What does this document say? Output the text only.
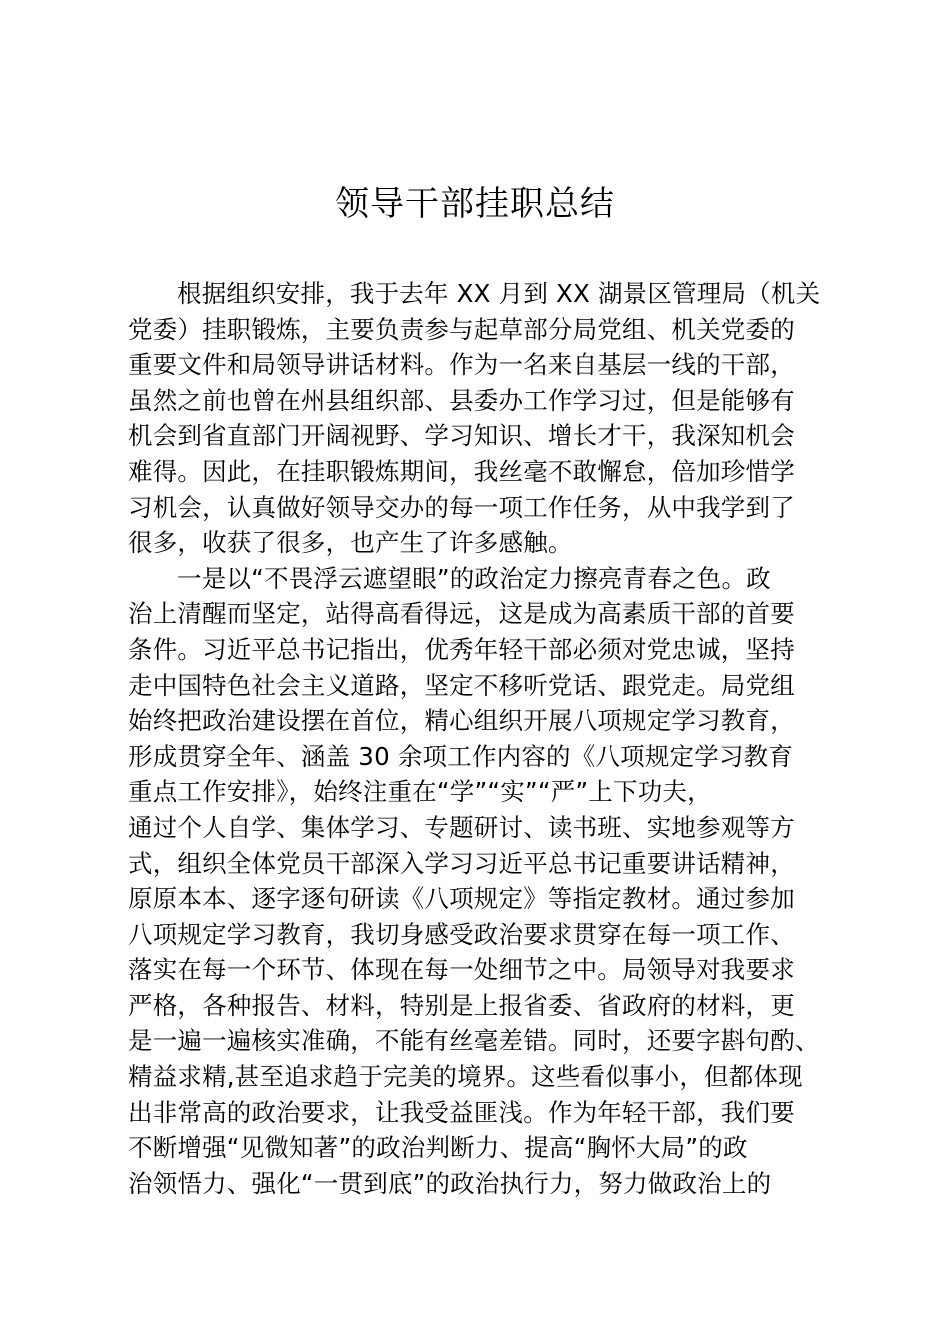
领导干部挂职总结
根据组织安排，我于去年 XX 月到 XX 湖景区管理局（机关
党委）挂职锻炼，主要负责参与起草部分局党组、机关党委的
重要文件和局领导讲话材料。作为一名来自基层一线的干部，
虽然之前也曾在州县组织部、县委办工作学习过，但是能够有
机会到省直部门开阔视野、学习知识、增长才干，我深知机会
难得。因此，在挂职锻炼期间，我丝毫不敢懈怠，倍加珍惜学
习机会，认真做好领导交办的每一项工作任务，从中我学到了
很多，收获了很多，也产生了许多感触。
一是以“不畏浮云遮望眼”的政治定力擦亮青春之色。政
治上清醒而坚定，站得高看得远，这是成为高素质干部的首要
条件。习近平总书记指出，优秀年轻干部必须对党忠诚，坚持
走中国特色社会主义道路，坚定不移听党话、跟党走。局党组
始终把政治建设摆在首位，精心组织开展八项规定学习教育，
形成贯穿全年、涵盖 30 余项工作内容的《八项规定学习教育
重点工作安排》，始终注重在“学”“实”“严”上下功夫，
通过个人自学、集体学习、专题研讨、读书班、实地参观等方
式，组织全体党员干部深入学习习近平总书记重要讲话精神，
原原本本、逐字逐句研读《八项规定》等指定教材。通过参加
八项规定学习教育，我切身感受政治要求贯穿在每一项工作、
落实在每一个环节、体现在每一处细节之中。局领导对我要求
严格，各种报告、材料，特别是上报省委、省政府的材料，更
是一遍一遍核实准确，不能有丝毫差错。同时，还要字斟句酌、
精益求精,甚至追求趋于完美的境界。这些看似事小，但都体现
出非常高的政治要求，让我受益匪浅。作为年轻干部，我们要
不断增强“见微知著”的政治判断力、提高“胸怀大局”的政
治领悟力、强化“一贯到底”的政治执行力，努力做政治上的
